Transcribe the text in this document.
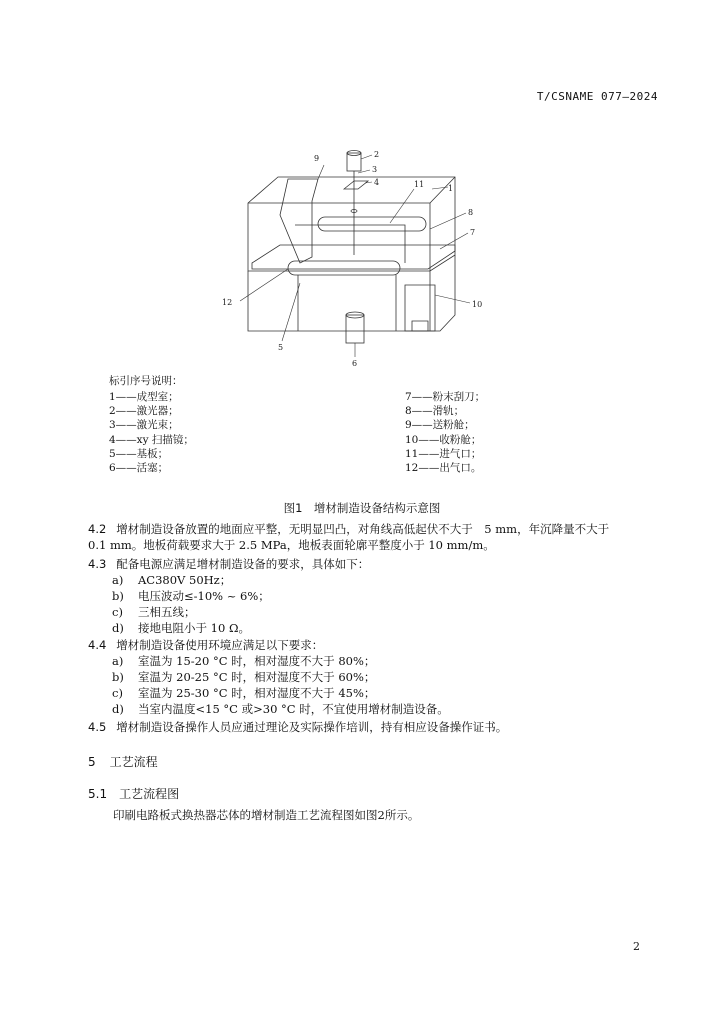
T/CSNAME 077—2024
1
2
3
4
5
6
7
8
9
10
11
12
标引序号说明：
1——成型室；
2——激光器；
3——激光束；
4——xy 扫描镜；
5——基板；
6——活塞；
7——粉末刮刀；
8——滑轨；
9——送粉舱；
10——收粉舱；
11——进气口；
12——出气口。
图1　增材制造设备结构示意图
4.2 增材制造设备放置的地面应平整，无明显凹凸，对角线高低起伏不大于　5 mm，年沉降量不大于
0.1 mm。地板荷载要求大于 2.5 MPa，地板表面轮廓平整度小于 10 mm/m。
4.3 配备电源应满足增材制造设备的要求，具体如下：
a) AC380V 50Hz；
b) 电压波动≤-10% ~ 6%；
c) 三相五线；
d) 接地电阻小于 10 Ω。
4.4 增材制造设备使用环境应满足以下要求：
a) 室温为 15-20 °C 时，相对湿度不大于 80%；
b) 室温为 20-25 °C 时，相对湿度不大于 60%；
c) 室温为 25-30 °C 时，相对湿度不大于 45%；
d) 当室内温度<15 °C 或>30 °C 时，不宜使用增材制造设备。
4.5 增材制造设备操作人员应通过理论及实际操作培训，持有相应设备操作证书。
5 工艺流程
5.1 工艺流程图
印刷电路板式换热器芯体的增材制造工艺流程图如图2所示。
2
